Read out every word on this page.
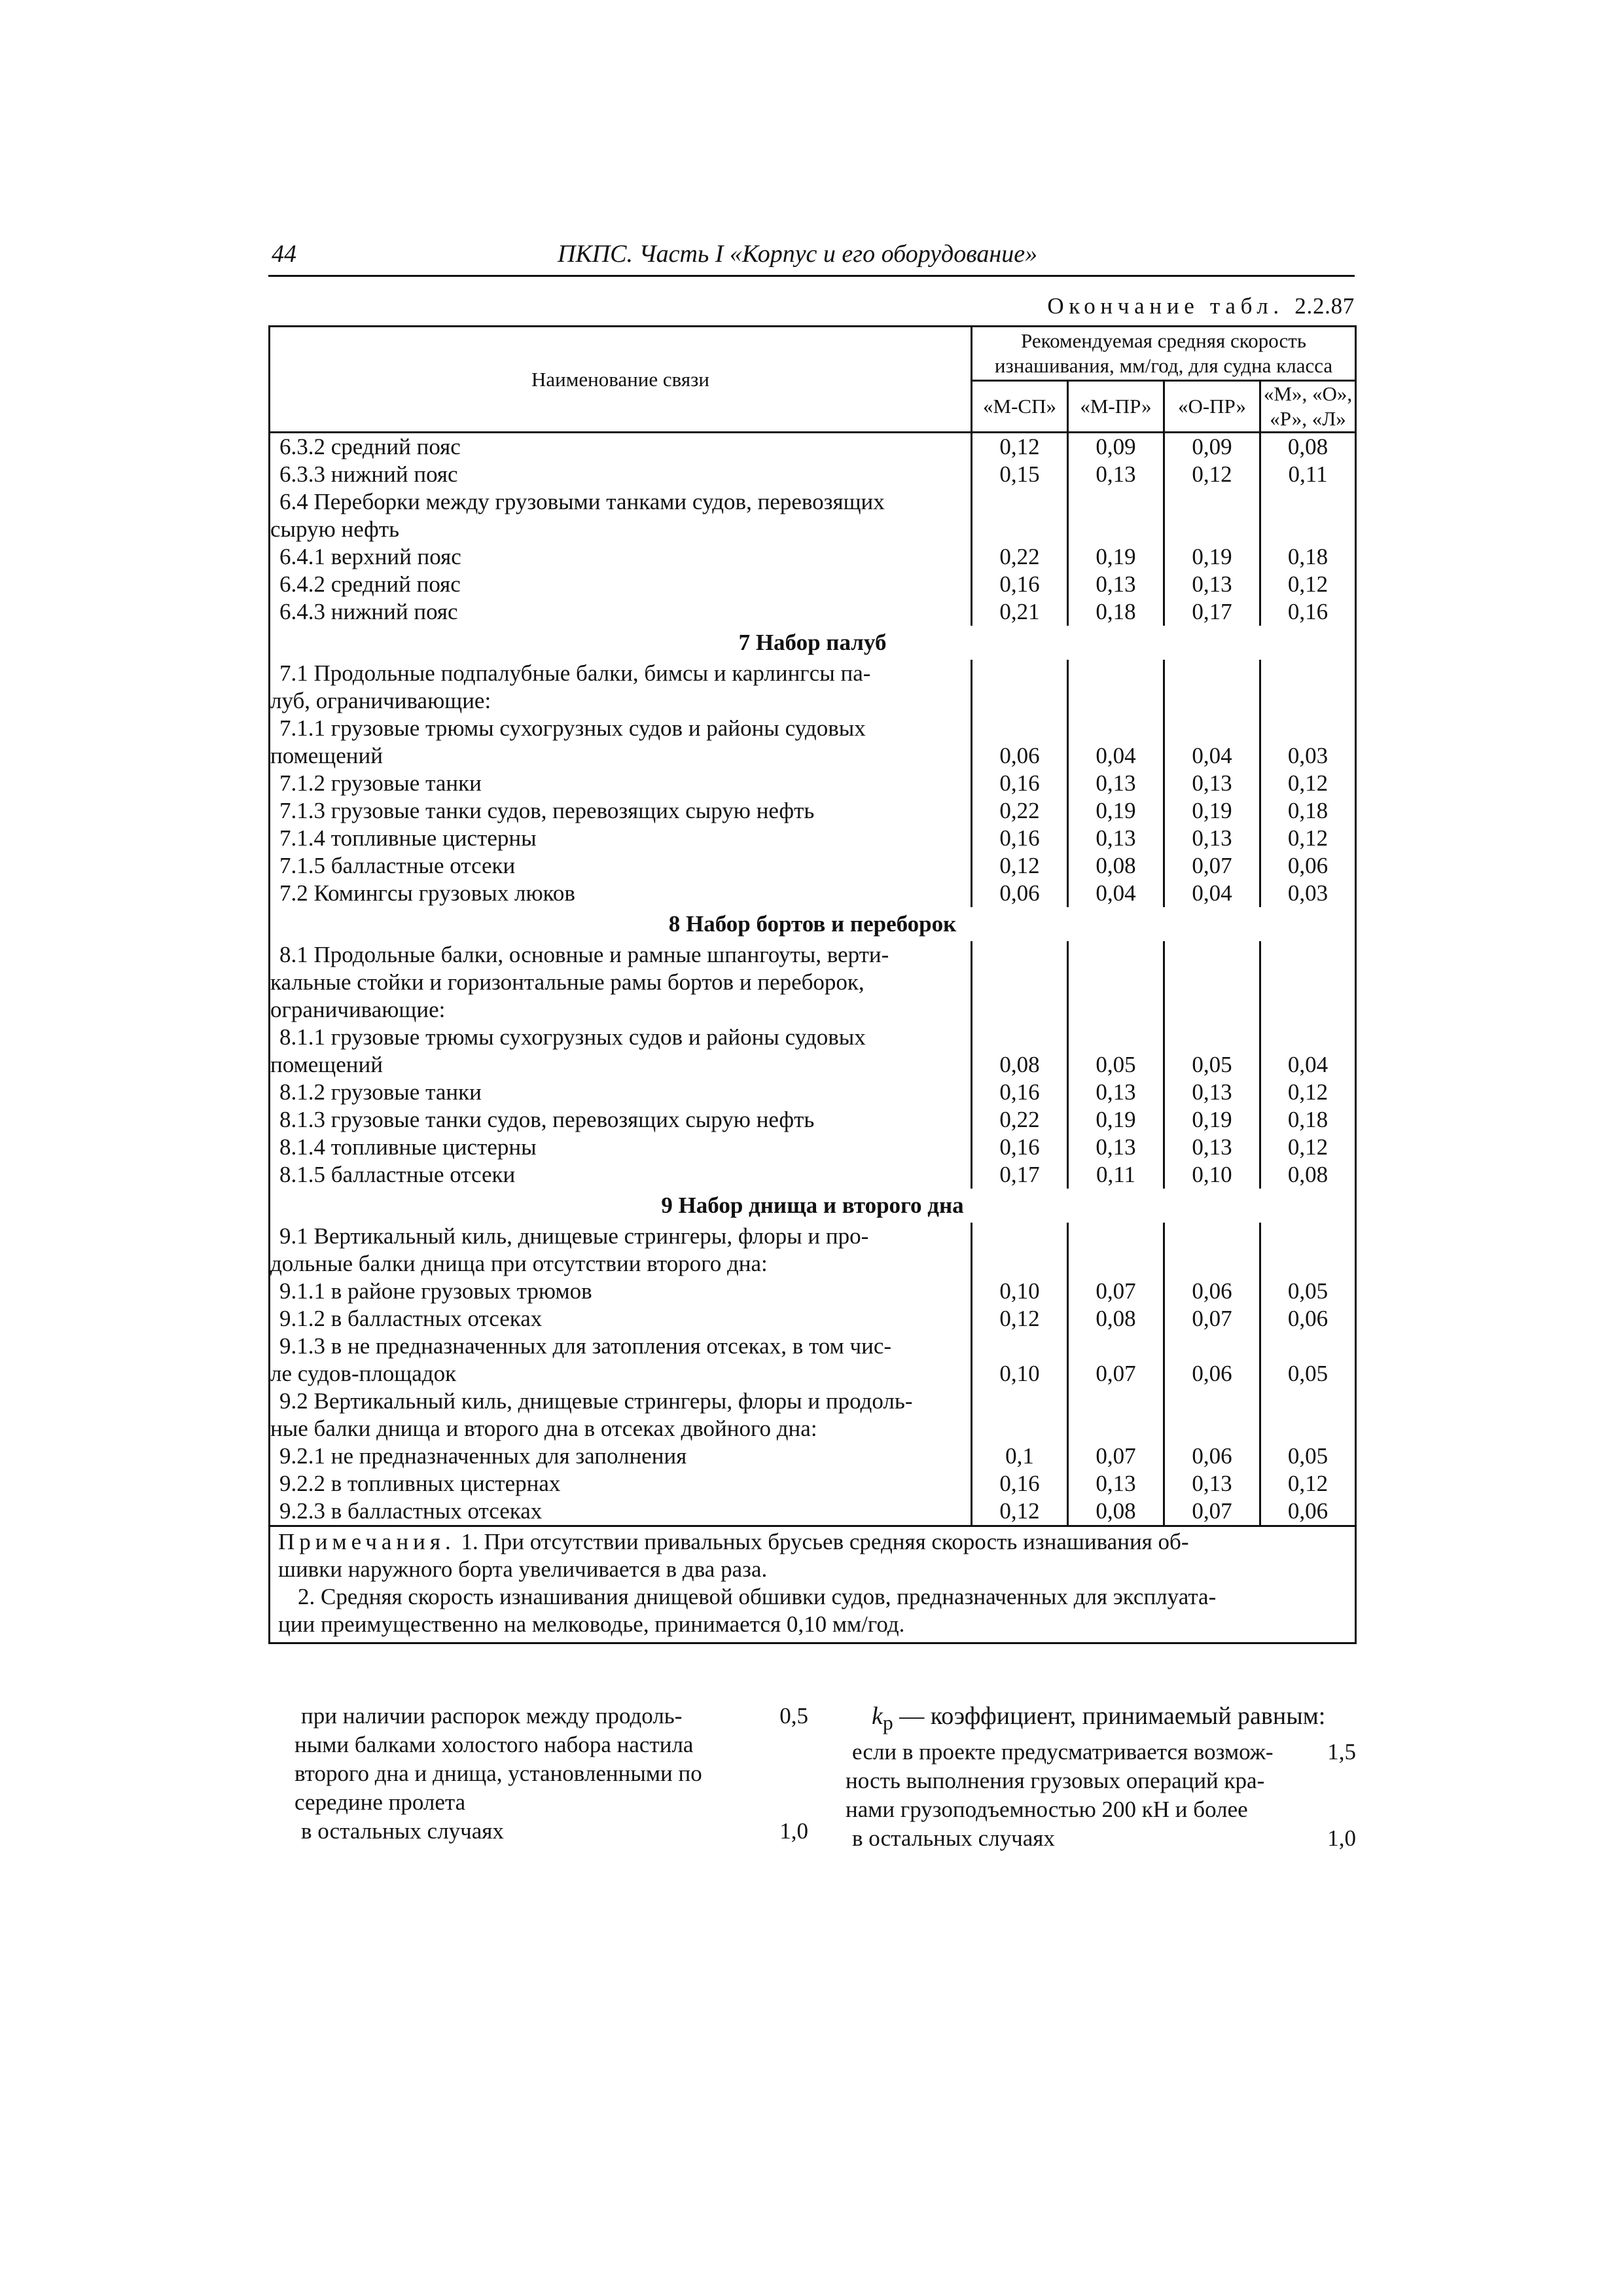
44	ПКПС. Часть I «Корпус и его оборудование»
Окончание табл. 2.2.87
Наименование связи	Рекомендуемая средняя скорость
изнашивания, мм/год, для судна класса			

	«М-СП»	«М-ПР»	«О-ПР»	«М», «О»,
«Р», «Л»

6.3.2 средний пояс	0,12	0,09	0,09	0,08
6.3.3 нижний пояс	0,15	0,13	0,12	0,11

6.4 Переборки между грузовыми танками судов, перевозящих
сырую нефть				

6.4.1 верхний пояс	0,22	0,19	0,19	0,18
6.4.2 средний пояс	0,16	0,13	0,13	0,12
6.4.3 нижний пояс	0,21	0,18	0,17	0,16
7 Набор палуб				

7.1 Продольные подпалубные балки, бимсы и карлингсы па-
луб, ограничивающие:				

7.1.1 грузовые трюмы сухогрузных судов и районы судовых
помещений	0,06	0,04	0,04	0,03
7.1.2 грузовые танки	0,16	0,13	0,13	0,12
7.1.3 грузовые танки судов, перевозящих сырую нефть	0,22	0,19	0,19	0,18
7.1.4 топливные цистерны	0,16	0,13	0,13	0,12
7.1.5 балластные отсеки	0,12	0,08	0,07	0,06
7.2 Комингсы грузовых люков	0,06	0,04	0,04	0,03
8 Набор бортов и переборок				

8.1 Продольные балки, основные и рамные шпангоуты, верти-
кальные стойки и горизонтальные рамы бортов и переборок,
ограничивающие:				

8.1.1 грузовые трюмы сухогрузных судов и районы судовых
помещений	0,08	0,05	0,05	0,04
8.1.2 грузовые танки	0,16	0,13	0,13	0,12
8.1.3 грузовые танки судов, перевозящих сырую нефть	0,22	0,19	0,19	0,18
8.1.4 топливные цистерны	0,16	0,13	0,13	0,12
8.1.5 балластные отсеки	0,17	0,11	0,10	0,08
9 Набор днища и второго дна				

9.1 Вертикальный киль, днищевые стрингеры, флоры и про-
дольные балки днища при отсутствии второго дна:				

9.1.1 в районе грузовых трюмов	0,10	0,07	0,06	0,05
9.1.2 в балластных отсеках	0,12	0,08	0,07	0,06

9.1.3 в не предназначенных для затопления отсеках, в том чис-
ле судов-площадок	0,10	0,07	0,06	0,05

9.2 Вертикальный киль, днищевые стрингеры, флоры и продоль-
ные балки днища и второго дна в отсеках двойного дна:				

9.2.1 не предназначенных для заполнения	0,1	0,07	0,06	0,05
9.2.2 в топливных цистернах	0,16	0,13	0,13	0,12
9.2.3 в балластных отсеках	0,12	0,08	0,07	0,06

Примечания. 1. При отсутствии привальных брусьев средняя скорость изнашивания об-
шивки наружного борта увеличивается в два раза.
2. Средняя скорость изнашивания днищевой обшивки судов, предназначенных для эксплуата-
ции преимущественно на мелководье, принимается 0,10 мм/год.				
при наличии распорок между продоль-	0,5
ными балками холостого набора настила
второго дна и днища, установленными по
середине пролета
в остальных случаях	1,0
$k_р$ — коэффициент, принимаемый равным:
если в проекте предусматривается возмож-	1,5
ность выполнения грузовых операций кра-
нами грузоподъемностью 200 кН и более
в остальных случаях	1,0
